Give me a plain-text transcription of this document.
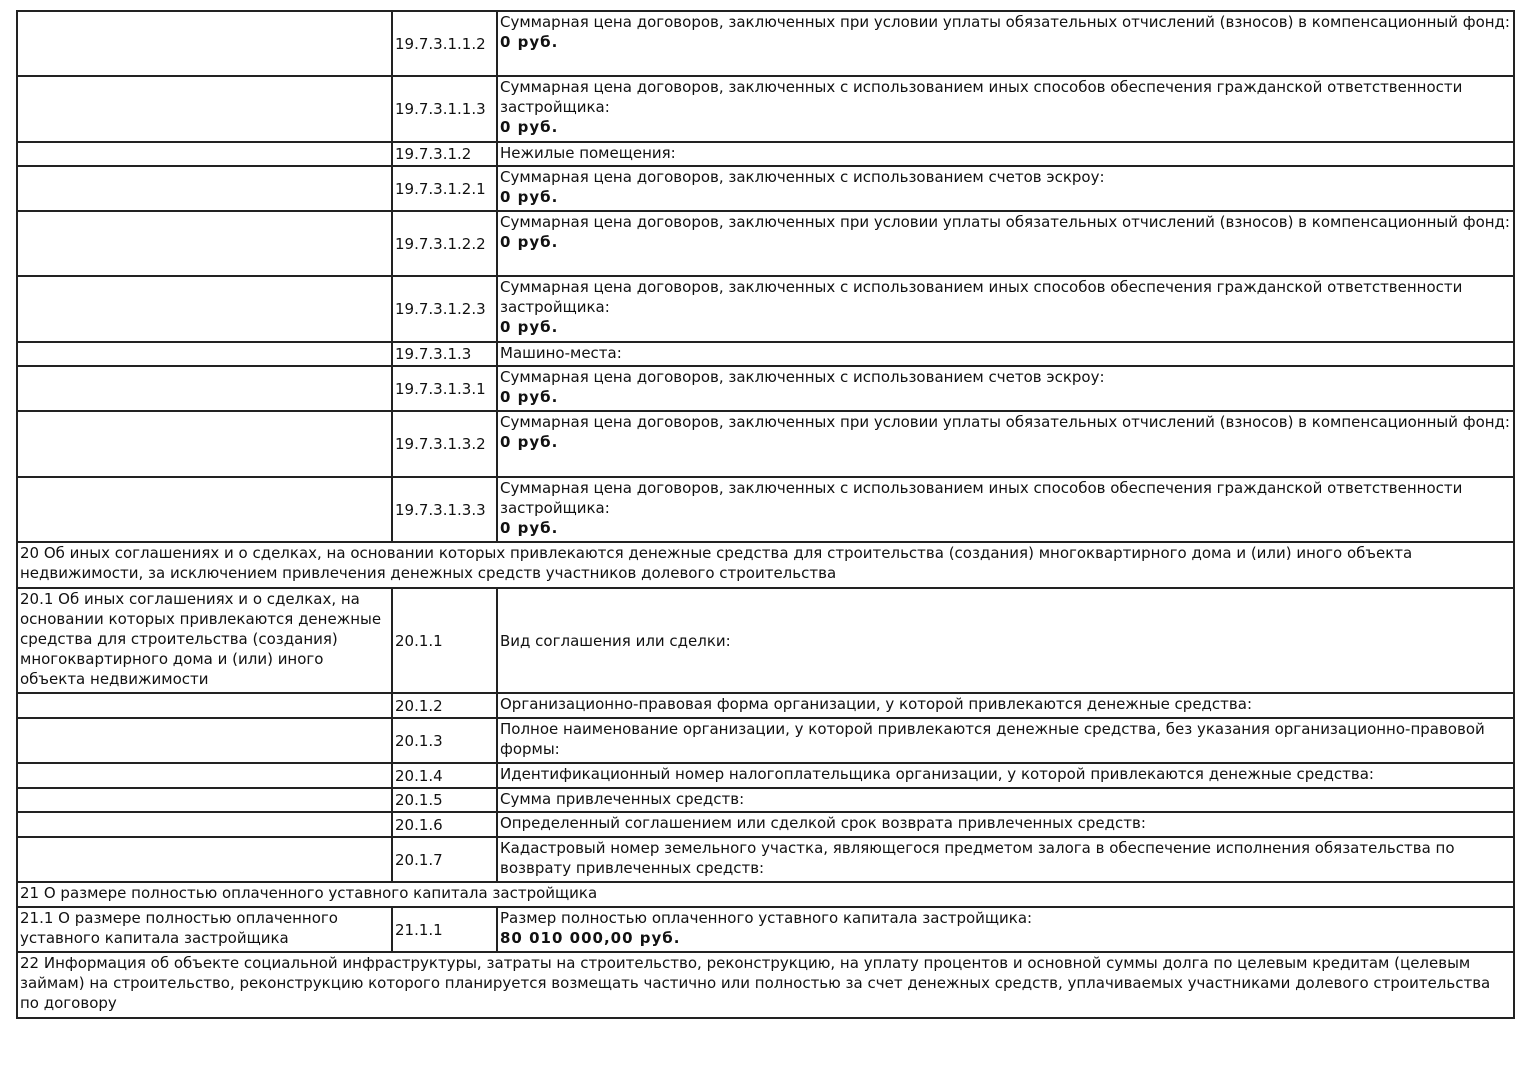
	19.7.3.1.1.2	Суммарная цена договоров, заключенных при условии уплаты обязательных отчислений (взносов) в компенсационный фонд:
0 руб.

	19.7.3.1.1.3	Суммарная цена договоров, заключенных с использованием иных способов обеспечения гражданской ответственности застройщика:
0 руб.

	19.7.3.1.2	Нежилые помещения:

	19.7.3.1.2.1	Суммарная цена договоров, заключенных с использованием счетов эскроу:
0 руб.

	19.7.3.1.2.2	Суммарная цена договоров, заключенных при условии уплаты обязательных отчислений (взносов) в компенсационный фонд:
0 руб.

	19.7.3.1.2.3	Суммарная цена договоров, заключенных с использованием иных способов обеспечения гражданской ответственности застройщика:
0 руб.

	19.7.3.1.3	Машино-места:

	19.7.3.1.3.1	Суммарная цена договоров, заключенных с использованием счетов эскроу:
0 руб.

	19.7.3.1.3.2	Суммарная цена договоров, заключенных при условии уплаты обязательных отчислений (взносов) в компенсационный фонд:
0 руб.

	19.7.3.1.3.3	Суммарная цена договоров, заключенных с использованием иных способов обеспечения гражданской ответственности застройщика:
0 руб.

20 Об иных соглашениях и о сделках, на основании которых привлекаются денежные средства для строительства (создания) многоквартирного дома и (или) иного объекта недвижимости, за исключением привлечения денежных средств участников долевого строительства		
20.1 Об иных соглашениях и о сделках, на основании которых привлекаются денежные средства для строительства (создания) многоквартирного дома и (или) иного объекта недвижимости	20.1.1	Вид соглашения или сделки:

	20.1.2	Организационно-правовая форма организации, у которой привлекаются денежные средства:

	20.1.3	Полное наименование организации, у которой привлекаются денежные средства, без указания организационно-правовой формы:

	20.1.4	Идентификационный номер налогоплательщика организации, у которой привлекаются денежные средства:

	20.1.5	Сумма привлеченных средств:

	20.1.6	Определенный соглашением или сделкой срок возврата привлеченных средств:

	20.1.7	Кадастровый номер земельного участка, являющегося предметом залога в обеспечение исполнения обязательства по возврату привлеченных средств:

21 О размере полностью оплаченного уставного капитала застройщика		
21.1 О размере полностью оплаченного уставного капитала застройщика	21.1.1	Размер полностью оплаченного уставного капитала застройщика:
80 010 000,00 руб.

22 Информация об объекте социальной инфраструктуры, затраты на строительство, реконструкцию, на уплату процентов и основной суммы долга по целевым кредитам (целевым займам) на строительство, реконструкцию которого планируется возмещать частично или полностью за счет денежных средств, уплачиваемых участниками долевого строительства по договору		
